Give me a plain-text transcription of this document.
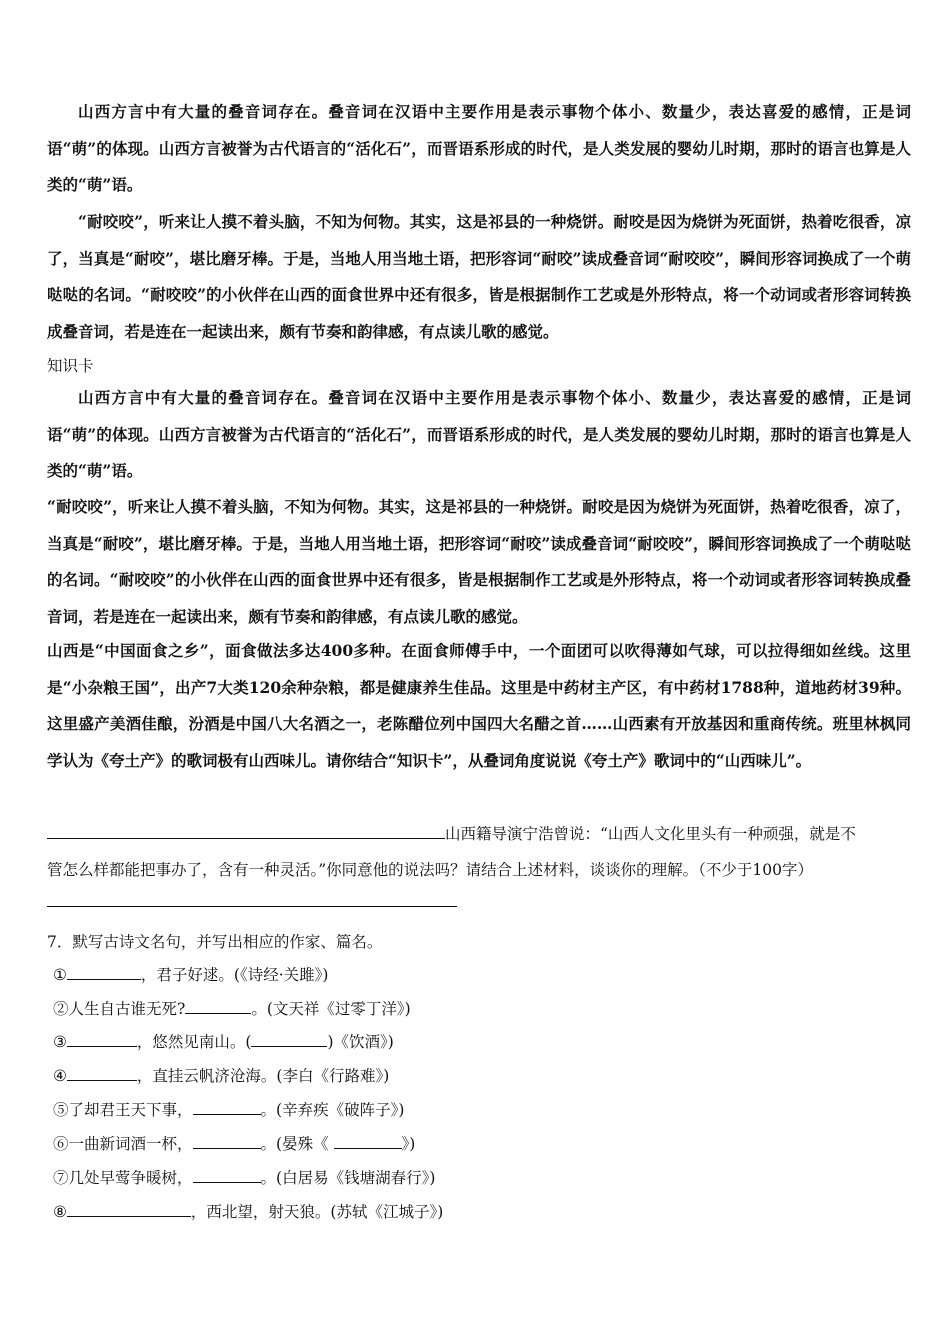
山西方言中有大量的叠音词存在。叠音词在汉语中主要作用是表示事物个体小、数量少，表达喜爱的感情，正是词语“萌”的体现。山西方言被誉为古代语言的“活化石”，而晋语系形成的时代，是人类发展的婴幼儿时期，那时的语言也算是人类的“萌”语。

“耐咬咬”，听来让人摸不着头脑，不知为何物。其实，这是祁县的一种烧饼。耐咬是因为烧饼为死面饼，热着吃很香，凉了，当真是“耐咬”，堪比磨牙棒。于是，当地人用当地土语，把形容词“耐咬”读成叠音词“耐咬咬”，瞬间形容词换成了一个萌哒哒的名词。“耐咬咬”的小伙伴在山西的面食世界中还有很多，皆是根据制作工艺或是外形特点，将一个动词或者形容词转换成叠音词，若是连在一起读出来，颇有节奏和韵律感，有点读儿歌的感觉。

知识卡

山西方言中有大量的叠音词存在。叠音词在汉语中主要作用是表示事物个体小、数量少，表达喜爱的感情，正是词语“萌”的体现。山西方言被誉为古代语言的“活化石”，而晋语系形成的时代，是人类发展的婴幼儿时期，那时的语言也算是人类的“萌”语。

“耐咬咬”，听来让人摸不着头脑，不知为何物。其实，这是祁县的一种烧饼。耐咬是因为烧饼为死面饼，热着吃很香，凉了，当真是“耐咬”，堪比磨牙棒。于是，当地人用当地土语，把形容词“耐咬”读成叠音词“耐咬咬”，瞬间形容词换成了一个萌哒哒的名词。“耐咬咬”的小伙伴在山西的面食世界中还有很多，皆是根据制作工艺或是外形特点，将一个动词或者形容词转换成叠音词，若是连在一起读出来，颇有节奏和韵律感，有点读儿歌的感觉。

山西是“中国面食之乡”，面食做法多达400多种。在面食师傅手中，一个面团可以吹得薄如气球，可以拉得细如丝线。这里是“小杂粮王国”，出产7大类120余种杂粮，都是健康养生佳品。这里是中药材主产区，有中药材1788种，道地药材39种。这里盛产美酒佳酿，汾酒是中国八大名酒之一，老陈醋位列中国四大名醋之首……山西素有开放基因和重商传统。班里林枫同学认为《夸土产》的歌词极有山西味儿。请你结合“知识卡”，从叠词角度说说《夸土产》歌词中的“山西味儿”。

山西籍导演宁浩曾说：“山西人文化里头有一种顽强，就是不
管怎么样都能把事办了，含有一种灵活。”你同意他的说法吗？请结合上述材料，谈谈你的理解。（不少于100字）
7．默写古诗文名句，并写出相应的作家、篇名。
①	，君子好逑。(《诗经·关雎》)
②人生自古谁无死?	。(文天祥《过零丁洋》)
③	，悠然见南山。(	)《饮酒》)
④	，直挂云帆济沧海。(李白《行路难》)
⑤了却君王天下事，	。(辛弃疾《破阵子》)
⑥一曲新词酒一杯，	。(晏殊《	》)
⑦几处早莺争暖树，	。(白居易《钱塘湖春行》)
⑧	，西北望，射天狼。(苏轼《江城子》)
